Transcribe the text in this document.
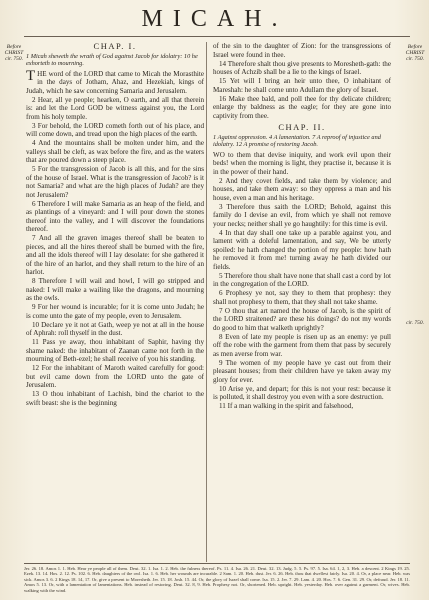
MICAH.
Before CHRIST cir. 750.
Before CHRIST cir. 750.
cir. 750.
CHAP. I.
1 Micah sheweth the wrath of God against Jacob for idolatry: 10 he exhorteth to mourning.
THE word of the LORD that came to Micah the Morasthite in the days of Jotham, Ahaz, and Hezekiah, kings of Judah, which he saw concerning Samaria and Jerusalem.
2 Hear, all ye people; hearken, O earth, and all that therein is: and let the Lord GOD be witness against you, the Lord from his holy temple.
3 For behold, the LORD cometh forth out of his place, and will come down, and tread upon the high places of the earth.
4 And the mountains shall be molten under him, and the valleys shall be cleft, as wax before the fire, and as the waters that are poured down a steep place.
5 For the transgression of Jacob is all this, and for the sins of the house of Israel. What is the transgression of Jacob? is it not Samaria? and what are the high places of Judah? are they not Jerusalem?
6 Therefore I will make Samaria as an heap of the field, and as plantings of a vineyard: and I will pour down the stones thereof into the valley, and I will discover the foundations thereof.
7 And all the graven images thereof shall be beaten to pieces, and all the hires thereof shall be burned with the fire, and all the idols thereof will I lay desolate: for she gathered it of the hire of an harlot, and they shall return to the hire of an harlot.
8 Therefore I will wail and howl, I will go stripped and naked: I will make a wailing like the dragons, and mourning as the owls.
9 For her wound is incurable; for it is come unto Judah; he is come unto the gate of my people, even to Jerusalem.
10 Declare ye it not at Gath, weep ye not at all in the house of Aphrah: roll thyself in the dust.
11 Pass ye away, thou inhabitant of Saphir, having thy shame naked: the inhabitant of Zaanan came not forth in the mourning of Beth-ezel; he shall receive of you his standing.
12 For the inhabitant of Maroth waited carefully for good: but evil came down from the LORD unto the gate of Jerusalem.
13 O thou inhabitant of Lachish, bind the chariot to the swift beast: she is the beginning
of the sin to the daughter of Zion: for the transgressions of Israel were found in thee.
14 Therefore shalt thou give presents to Moresheth-gath: the houses of Achzib shall be a lie to the kings of Israel.
15 Yet will I bring an heir unto thee, O inhabitant of Mareshah: he shall come unto Adullam the glory of Israel.
16 Make thee bald, and poll thee for thy delicate children; enlarge thy baldness as the eagle; for they are gone into captivity from thee.
CHAP. II.
1 Against oppression. 4 A lamentation. 7 A reproof of injustice and idolatry. 12 A promise of restoring Jacob.
WO to them that devise iniquity, and work evil upon their beds! when the morning is light, they practise it, because it is in the power of their hand.
2 And they covet fields, and take them by violence; and houses, and take them away: so they oppress a man and his house, even a man and his heritage.
3 Therefore thus saith the LORD; Behold, against this family do I devise an evil, from which ye shall not remove your necks; neither shall ye go haughtily: for this time is evil.
4 In that day shall one take up a parable against you, and lament with a doleful lamentation, and say, We be utterly spoiled: he hath changed the portion of my people: how hath he removed it from me! turning away he hath divided our fields.
5 Therefore thou shalt have none that shall cast a cord by lot in the congregation of the LORD.
6 Prophesy ye not, say they to them that prophesy: they shall not prophesy to them, that they shall not take shame.
7 O thou that art named the house of Jacob, is the spirit of the LORD straitened? are these his doings? do not my words do good to him that walketh uprightly?
8 Even of late my people is risen up as an enemy: ye pull off the robe with the garment from them that pass by securely as men averse from war.
9 The women of my people have ye cast out from their pleasant houses; from their children have ye taken away my glory for ever.
10 Arise ye, and depart; for this is not your rest: because it is polluted, it shall destroy you even with a sore destruction.
11 If a man walking in the spirit and falsehood,
Jer. 26. 18. Amos 1. 1. Heb. Hear ye people all of them. Deut. 32. 1. Isa. 1. 2. Heb. the fulness thereof. Ps. 11. 4. Isa. 26. 21. Deut. 32. 13. Judg. 5. 5. Ps. 97. 5. Isa. 64. 1, 2, 3. Heb. a descent. 2 Kings 19. 25. Ezek. 13. 14. Hos. 2. 12. Ps. 102. 6. Heb. daughters of the owl. Isa. 1. 6. Heb. her wounds are incurable. 2 Sam. 1. 20. Heb. dust. Jer. 6. 26. Heb. thou that dwellest fairly. Isa. 20. 4. Or, a place near. Heb. was sick. Amos 3. 6. 2 Kings 18. 14, 17. Or, give a present to Moresheth. Jer. 15. 18. Josh. 15. 44. Or, the glory of Israel shall come. Isa. 15. 2. Jer. 7. 29. Lam. 4. 20. Hos. 7. 6. Gen. 31. 29. Or, defraud. Jer. 18. 11. Amos 5. 13. Or, with a lamentation of lamentations. Heb. instead of restoring. Deut. 32. 8, 9. Heb. Prophesy not. Or, shortened. Heb. upright. Heb. yesterday. Heb. over against a garment. Or, wives. Heb. walking with the wind.
